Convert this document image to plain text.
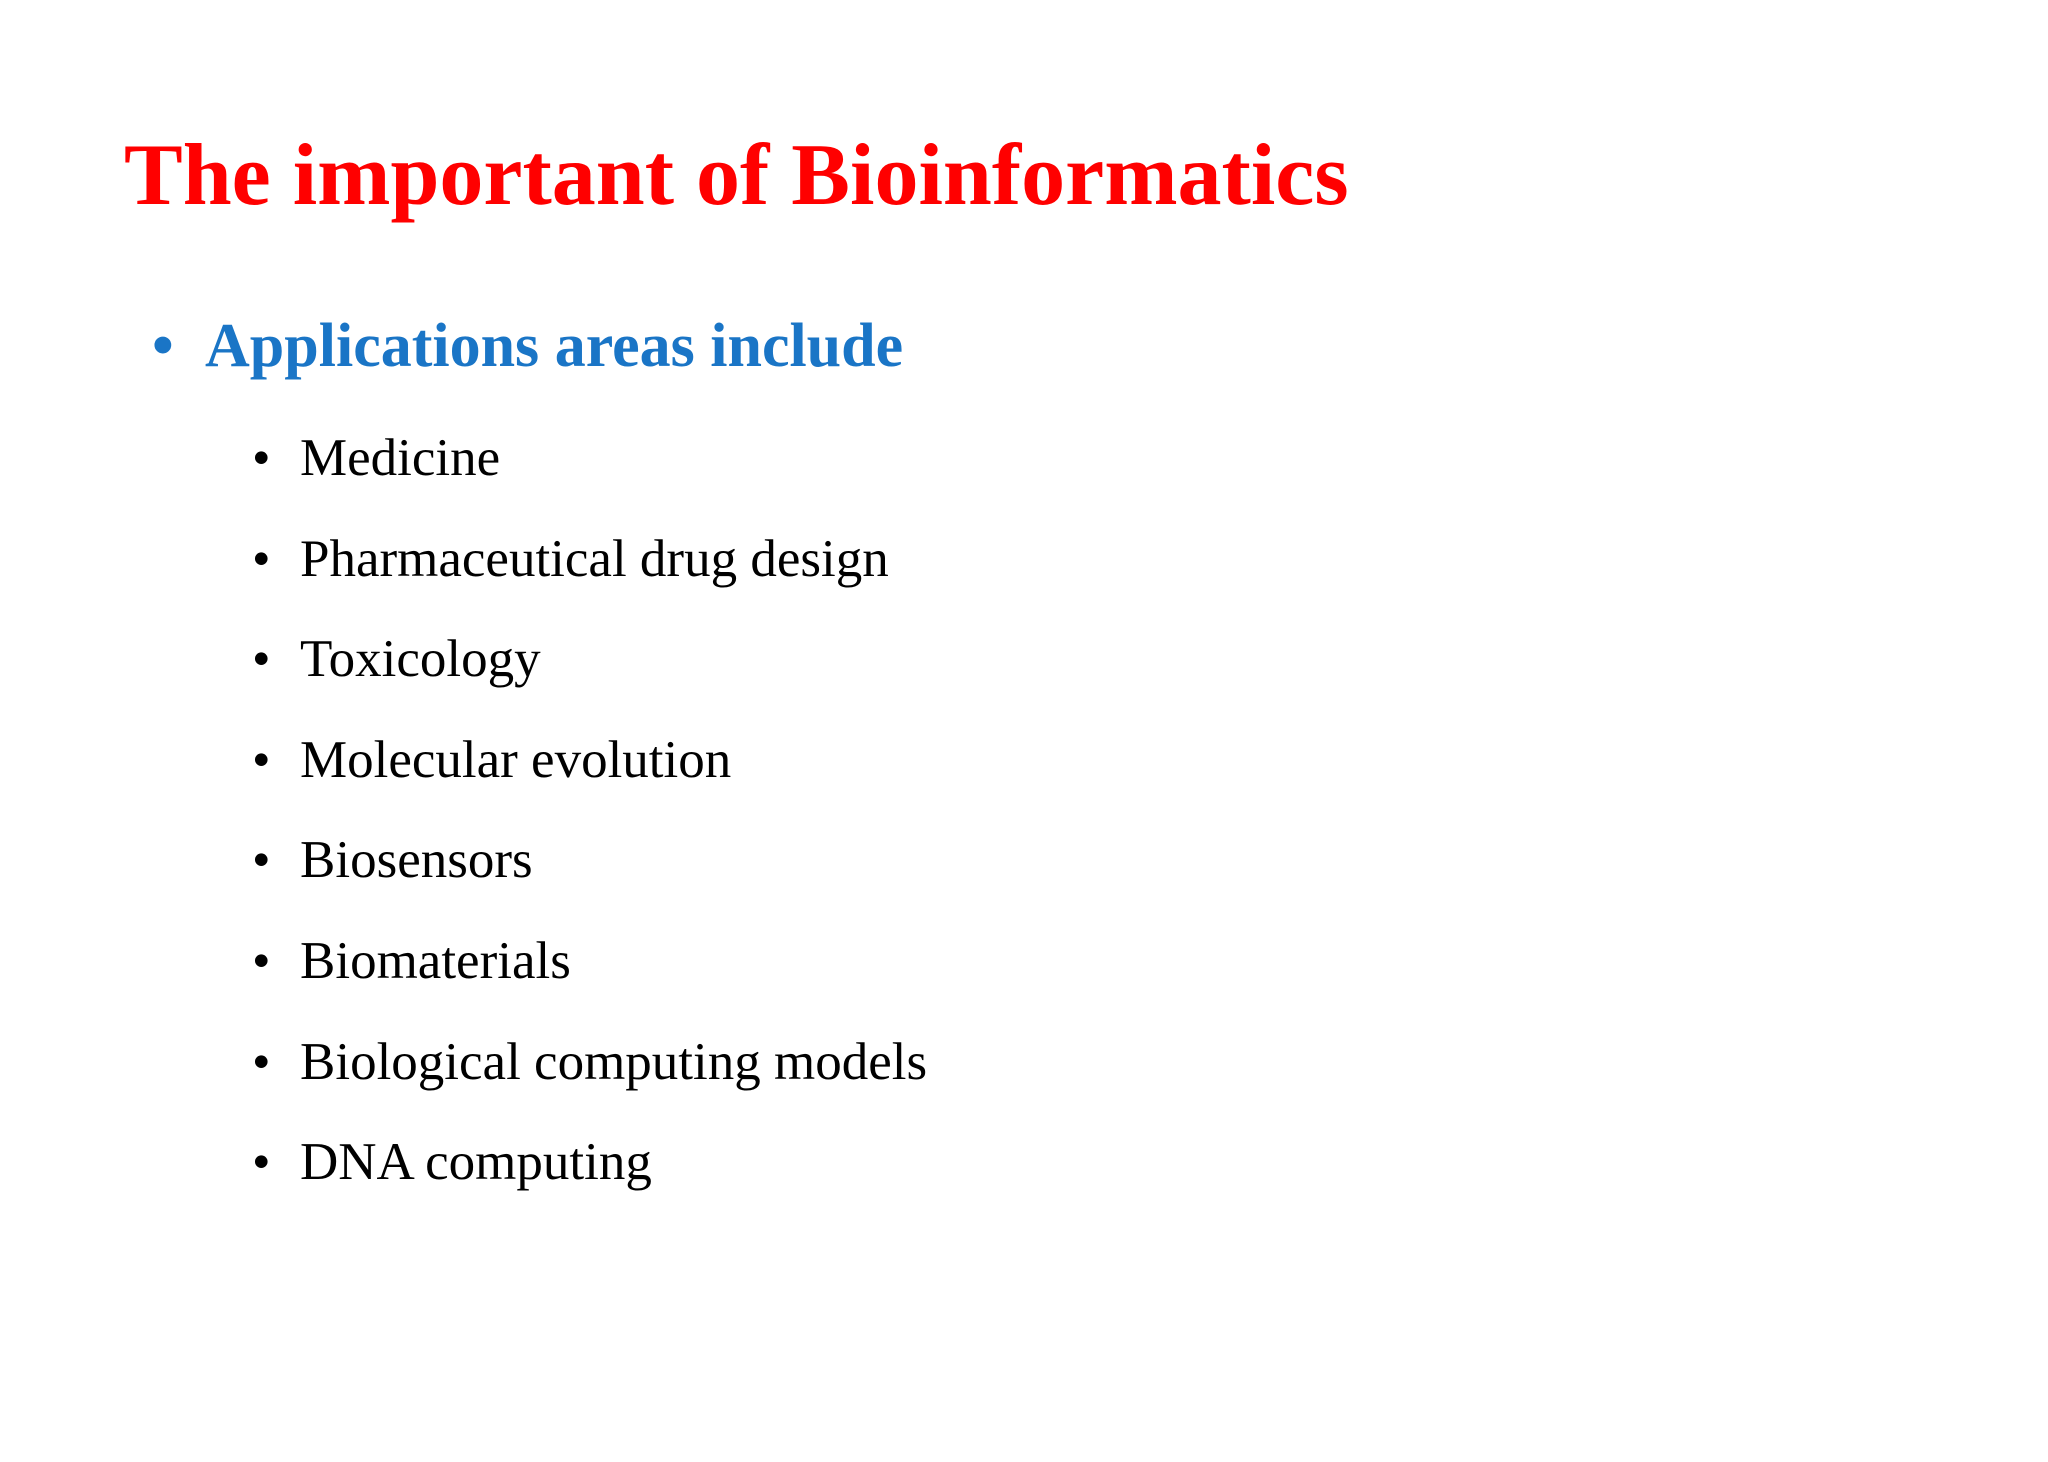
The important of Bioinformatics
• Applications areas include
• Medicine
• Pharmaceutical drug design
• Toxicology
• Molecular evolution
• Biosensors
• Biomaterials
• Biological computing models
• DNA computing
